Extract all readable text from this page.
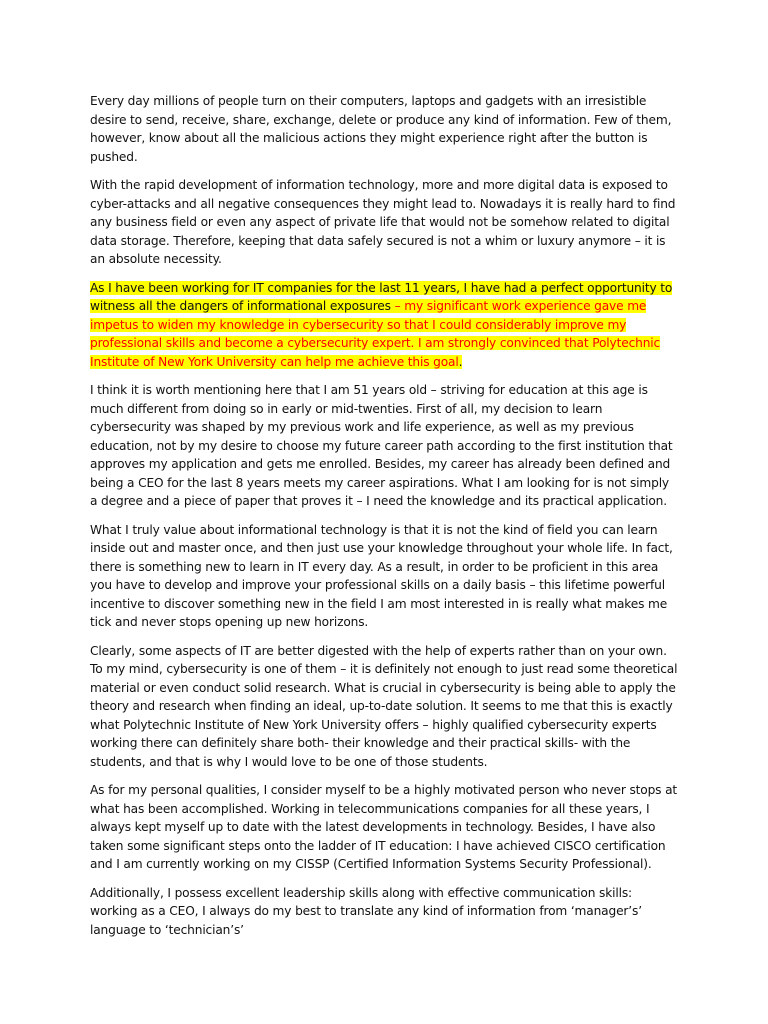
Every day millions of people turn on their computers, laptops and gadgets with an irresistible desire to send, receive, share, exchange, delete or produce any kind of information. Few of them, however, know about all the malicious actions they might experience right after the button is pushed.

With the rapid development of information technology, more and more digital data is exposed to cyber-attacks and all negative consequences they might lead to. Nowadays it is really hard to find any business field or even any aspect of private life that would not be somehow related to digital data storage. Therefore, keeping that data safely secured is not a whim or luxury anymore – it is an absolute necessity.

As I have been working for IT companies for the last 11 years, I have had a perfect opportunity to witness all the dangers of informational exposures – my significant work experience gave me impetus to widen my knowledge in cybersecurity so that I could considerably improve my professional skills and become a cybersecurity expert. I am strongly convinced that Polytechnic Institute of New York University can help me achieve this goal.

I think it is worth mentioning here that I am 51 years old – striving for education at this age is much different from doing so in early or mid-twenties. First of all, my decision to learn cybersecurity was shaped by my previous work and life experience, as well as my previous education, not by my desire to choose my future career path according to the first institution that approves my application and gets me enrolled. Besides, my career has already been defined and being a CEO for the last 8 years meets my career aspirations. What I am looking for is not simply a degree and a piece of paper that proves it – I need the knowledge and its practical application.

What I truly value about informational technology is that it is not the kind of field you can learn inside out and master once, and then just use your knowledge throughout your whole life. In fact, there is something new to learn in IT every day. As a result, in order to be proficient in this area you have to develop and improve your professional skills on a daily basis – this lifetime powerful incentive to discover something new in the field I am most interested in is really what makes me tick and never stops opening up new horizons.

Clearly, some aspects of IT are better digested with the help of experts rather than on your own. To my mind, cybersecurity is one of them – it is definitely not enough to just read some theoretical material or even conduct solid research. What is crucial in cybersecurity is being able to apply the theory and research when finding an ideal, up-to-date solution. It seems to me that this is exactly what Polytechnic Institute of New York University offers – highly qualified cybersecurity experts working there can definitely share both- their knowledge and their practical skills- with the students, and that is why I would love to be one of those students.

As for my personal qualities, I consider myself to be a highly motivated person who never stops at what has been accomplished. Working in telecommunications companies for all these years, I always kept myself up to date with the latest developments in technology. Besides, I have also taken some significant steps onto the ladder of IT education: I have achieved CISCO certification and I am currently working on my CISSP (Certified Information Systems Security Professional).

Additionally, I possess excellent leadership skills along with effective communication skills: working as a CEO, I always do my best to translate any kind of information from ‘manager’s’ language to ‘technician’s’
